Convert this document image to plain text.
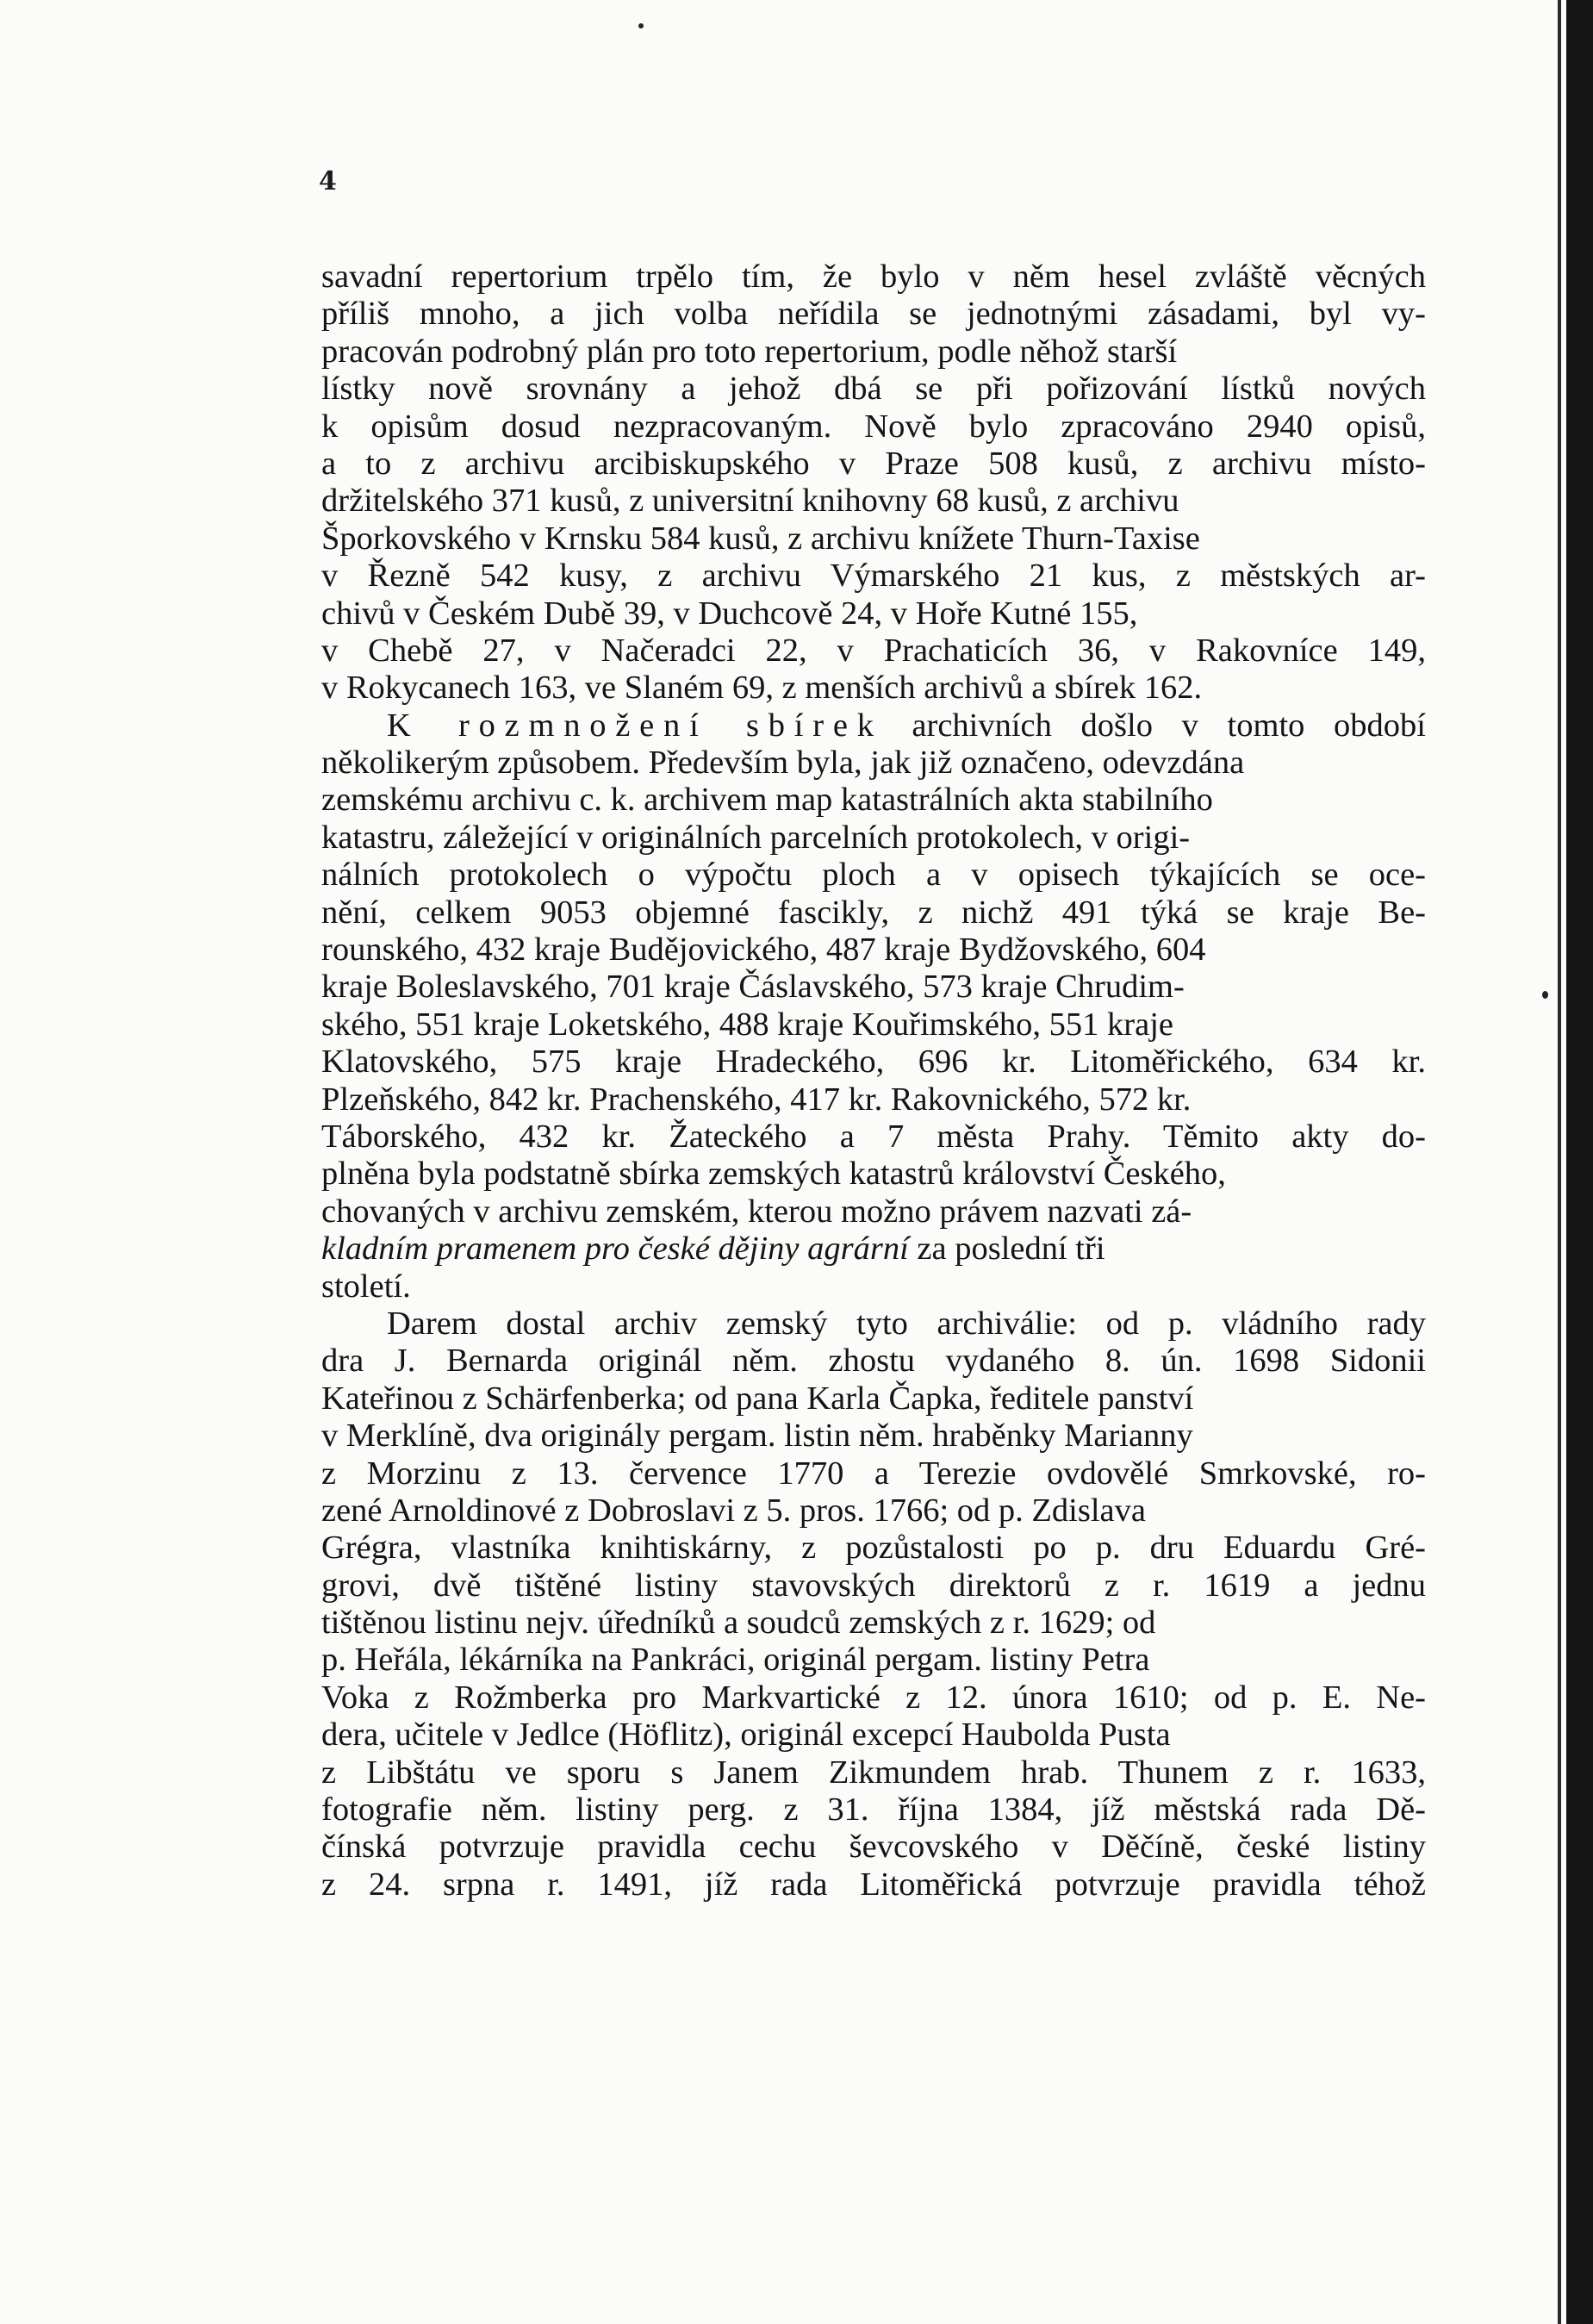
4
savadní repertorium trpělo tím, že bylo v něm hesel zvláště věcných
příliš mnoho, a jich volba neřídila se jednotnými zásadami, byl vy-
pracován podrobný plán pro toto repertorium, podle něhož starší
lístky nově srovnány a jehož dbá se při pořizování lístků nových
k opisům dosud nezpracovaným. Nově bylo zpracováno 2940 opisů,
a to z archivu arcibiskupského v Praze 508 kusů, z archivu místo-
držitelského 371 kusů, z universitní knihovny 68 kusů, z archivu
Šporkovského v Krnsku 584 kusů, z archivu knížete Thurn-Taxise
v Řezně 542 kusy, z archivu Výmarského 21 kus, z městských ar-
chivů v Českém Dubě 39, v Duchcově 24, v Hoře Kutné 155,
v Chebě 27, v Načeradci 22, v Prachaticích 36, v Rakovníce 149,
v Rokycanech 163, ve Slaném 69, z menších archivů a sbírek 162.
K rozmnožení sbírek archivních došlo v tomto období
několikerým způsobem. Především byla, jak již označeno, odevzdána
zemskému archivu c. k. archivem map katastrálních akta stabilního
katastru, záležející v originálních parcelních protokolech, v origi-
nálních protokolech o výpočtu ploch a v opisech týkajících se oce-
nění, celkem 9053 objemné fascikly, z nichž 491 týká se kraje Be-
rounského, 432 kraje Budějovického, 487 kraje Bydžovského, 604
kraje Boleslavského, 701 kraje Čáslavského, 573 kraje Chrudim-
ského, 551 kraje Loketského, 488 kraje Kouřimského, 551 kraje
Klatovského, 575 kraje Hradeckého, 696 kr. Litoměřického, 634 kr.
Plzeňského, 842 kr. Prachenského, 417 kr. Rakovnického, 572 kr.
Táborského, 432 kr. Žateckého a 7 města Prahy. Těmito akty do-
plněna byla podstatně sbírka zemských katastrů království Českého,
chovaných v archivu zemském, kterou možno právem nazvati zá-
kladním pramenem pro české dějiny agrární za poslední tři
století.
Darem dostal archiv zemský tyto archiválie: od p. vládního rady
dra J. Bernarda originál něm. zhostu vydaného 8. ún. 1698 Sidonii
Kateřinou z Schärfenberka; od pana Karla Čapka, ředitele panství
v Merklíně, dva originály pergam. listin něm. hraběnky Marianny
z Morzinu z 13. července 1770 a Terezie ovdovělé Smrkovské, ro-
zené Arnoldinové z Dobroslavi z 5. pros. 1766; od p. Zdislava
Grégra, vlastníka knihtiskárny, z pozůstalosti po p. dru Eduardu Gré-
grovi, dvě tištěné listiny stavovských direktorů z r. 1619 a jednu
tištěnou listinu nejv. úředníků a soudců zemských z r. 1629; od
p. Heřála, lékárníka na Pankráci, originál pergam. listiny Petra
Voka z Rožmberka pro Markvartické z 12. února 1610; od p. E. Ne-
dera, učitele v Jedlce (Höflitz), originál excepcí Haubolda Pusta
z Libštátu ve sporu s Janem Zikmundem hrab. Thunem z r. 1633,
fotografie něm. listiny perg. z 31. října 1384, jíž městská rada Dě-
čínská potvrzuje pravidla cechu ševcovského v Děčíně, české listiny
z 24. srpna r. 1491, jíž rada Litoměřická potvrzuje pravidla téhož
